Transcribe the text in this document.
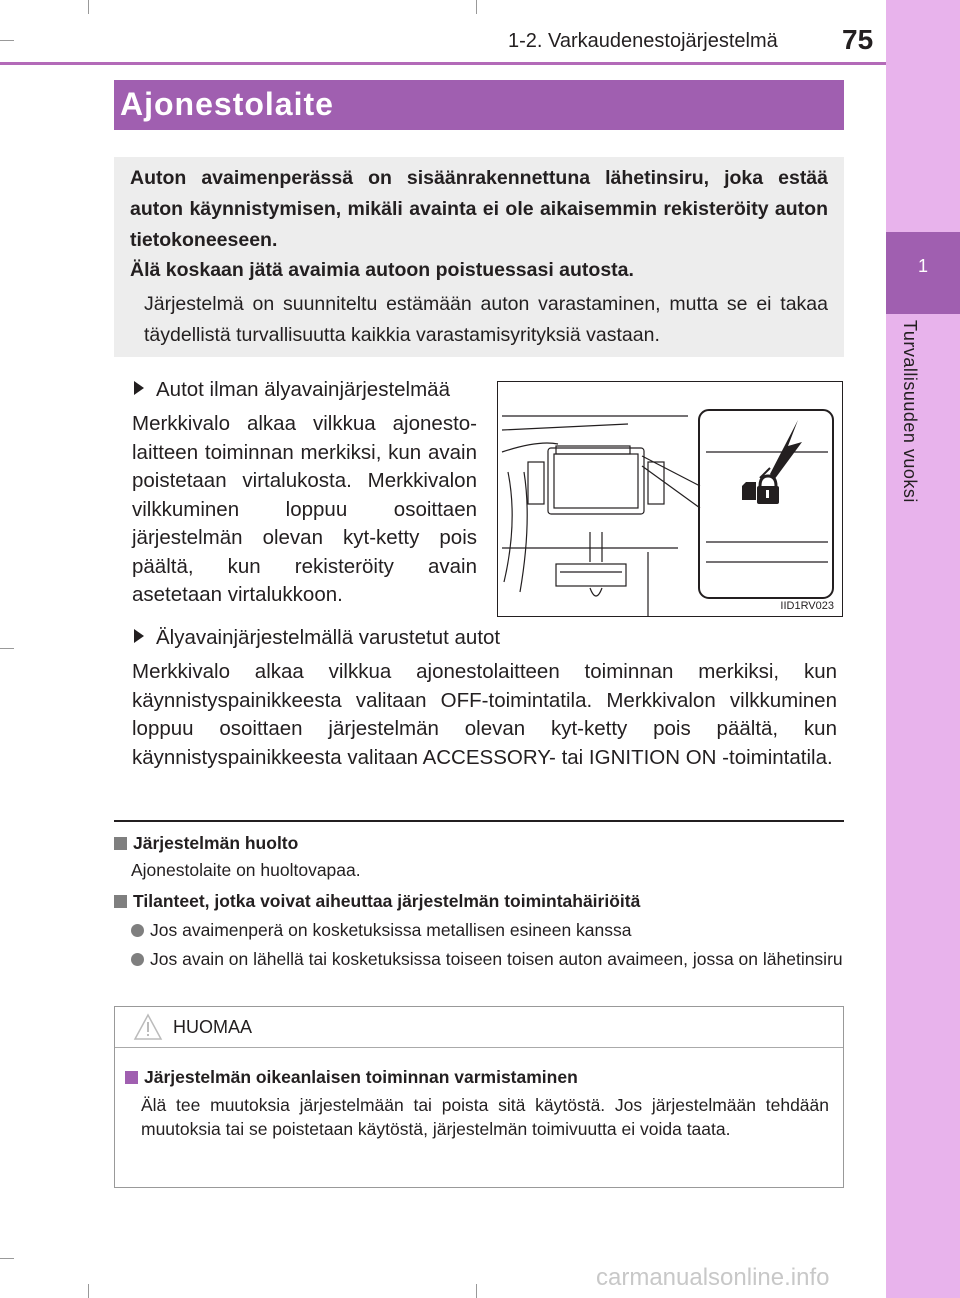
1
Turvallisuuden vuoksi
1-2. Varkaudenestojärjestelmä 75
Ajonestolaite
Auton avaimenperässä on sisäänrakennettuna lähetinsiru, joka estää auton käynnistymisen, mikäli avainta ei ole aikaisemmin rekisteröity auton tietokoneeseen.
Älä koskaan jätä avaimia autoon poistuessasi autosta.
Järjestelmä on suunniteltu estämään auton varastaminen, mutta se ei takaa täydellistä turvallisuutta kaikkia varastamisyrityksiä vastaan.
Autot ilman älyavainjärjestelmää
Merkkivalo alkaa vilkkua ajonesto-laitteen toiminnan merkiksi, kun avain poistetaan virtalukosta. Merkkivalon vilkkuminen loppuu osoittaen järjestelmän olevan kyt-ketty pois päältä, kun rekisteröity avain asetetaan virtalukkoon.	IID1RV023
Älyavainjärjestelmällä varustetut autot
Merkkivalo alkaa vilkkua ajonestolaitteen toiminnan merkiksi, kun käynnistyspainikkeesta valitaan OFF-toimintatila. Merkkivalon vilkkuminen loppuu osoittaen järjestelmän olevan kyt-ketty pois päältä, kun käynnistyspainikkeesta valitaan ACCESSORY- tai IGNITION ON -toimintatila.
Järjestelmän huolto
Ajonestolaite on huoltovapaa.
Tilanteet, jotka voivat aiheuttaa järjestelmän toimintahäiriöitä
Jos avaimenperä on kosketuksissa metallisen esineen kanssa
Jos avain on lähellä tai kosketuksissa toiseen toisen auton avaimeen, jossa on lähetinsiru
HUOMAA
Järjestelmän oikeanlaisen toiminnan varmistaminen
Älä tee muutoksia järjestelmään tai poista sitä käytöstä. Jos järjestelmään tehdään muutoksia tai se poistetaan käytöstä, järjestelmän toimivuutta ei voida taata.
carmanualsonline.info
